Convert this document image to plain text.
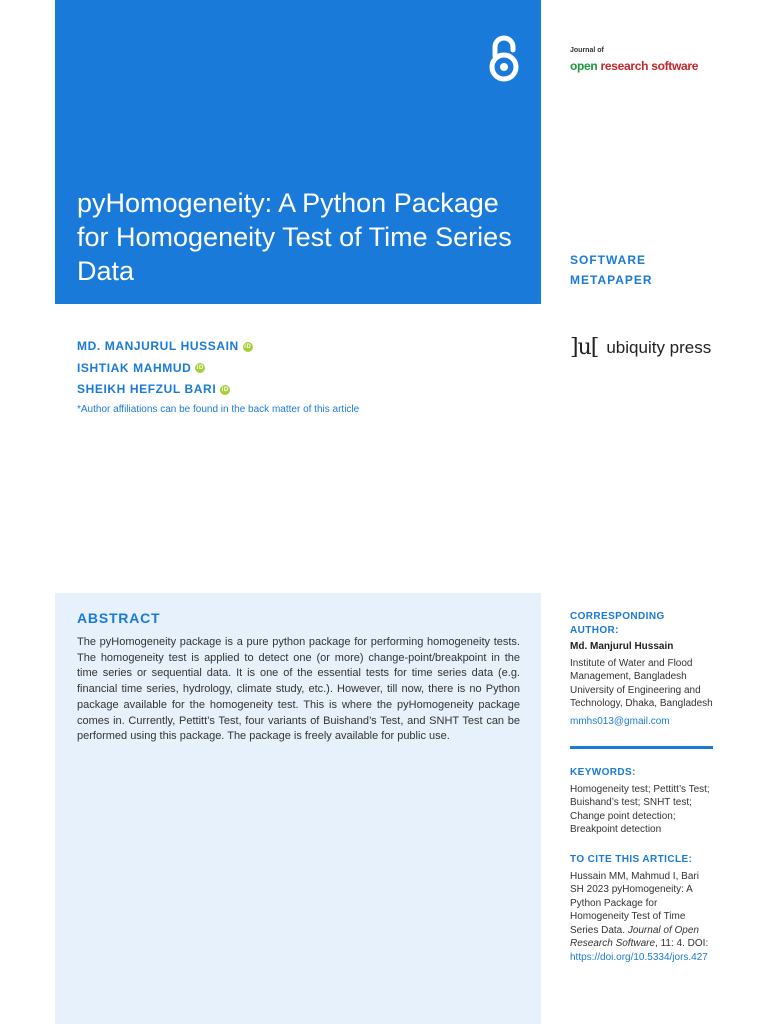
pyHomogeneity: A Python Package for Homogeneity Test of Time Series Data
Journal of
open research software
SOFTWARE
METAPAPER
]u[ ubiquity press
MD. MANJURUL HUSSAIN iD
ISHTIAK MAHMUD iD
SHEIKH HEFZUL BARI iD
*Author affiliations can be found in the back matter of this article
ABSTRACT

The pyHomogeneity package is a pure python package for performing homogeneity tests. The homogeneity test is applied to detect one (or more) change-point/breakpoint in the time series or sequential data. It is one of the essential tests for time series data (e.g. financial time series, hydrology, climate study, etc.). However, till now, there is no Python package available for the homogeneity test. This is where the pyHomogeneity package comes in. Currently, Pettitt’s Test, four variants of Buishand’s Test, and SNHT Test can be performed using this package. The package is freely available for public use.

CORRESPONDING AUTHOR:
Md. Manjurul Hussain
Institute of Water and Flood Management, Bangladesh University of Engineering and Technology, Dhaka, Bangladesh
mmhs013@gmail.com
KEYWORDS:
Homogeneity test; Pettitt’s Test; Buishand’s test; SNHT test; Change point detection; Breakpoint detection
TO CITE THIS ARTICLE:
Hussain MM, Mahmud I, Bari SH 2023 pyHomogeneity: A Python Package for Homogeneity Test of Time Series Data. Journal of Open Research Software, 11: 4. DOI: https://doi.org/10.5334/jors.427
